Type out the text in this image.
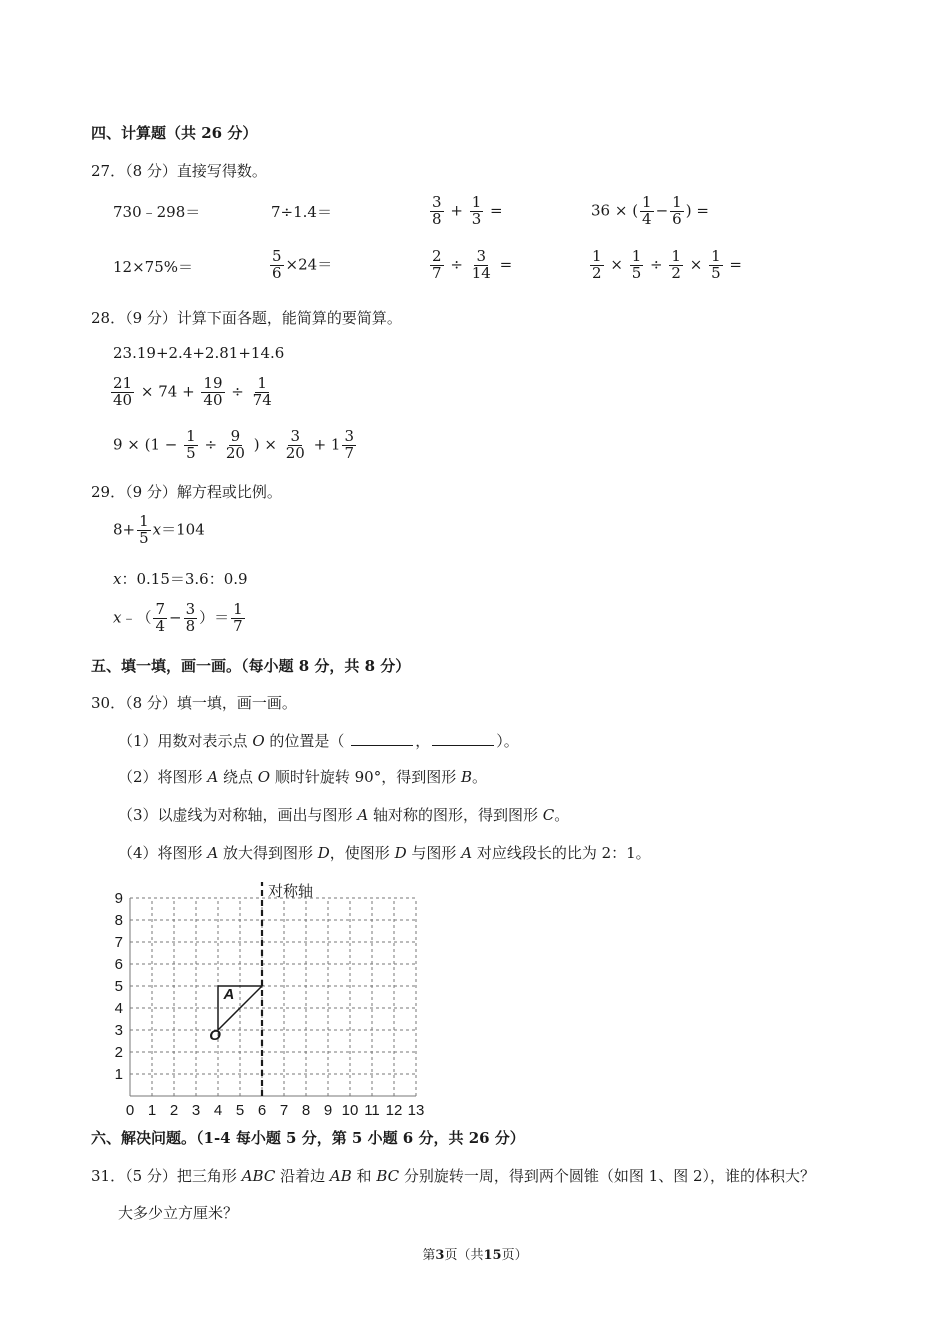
四、计算题（共 26 分）
27．（8 分）直接写得数。
730﹣298＝	7÷1.4＝	$\frac{3}{8} + \frac{1}{3}$ =	36 × ( $\frac{1}{4} - \frac{1}{6}$ ) =
12×75%＝	$\frac{5}{6} \times 24=$	$\frac{2}{7} \div \frac{3}{14}$ =	$\frac{1}{2} \times \frac{1}{5} \div \frac{1}{2} \times \frac{1}{5}$ =
28．（9 分）计算下面各题，能简算的要简算。
23.19+2.4+2.81+14.6
$\frac{21}{40} \times 74 + \frac{19}{40} \div \frac{1}{74}$
$9 \times (1 - \frac{1}{5} \div \frac{9}{20}$ ) × $\frac{3}{20} + 1 \frac{3}{7}$
29．（9 分）解方程或比例。
$8+ \frac{1}{5} x=104$
x：0.15＝3.6：0.9
x﹣（ $\frac{7}{4} - \frac{3}{8}$ ）＝ $\frac{1}{7}$
五、填一填，画一画。（每小题 8 分，共 8 分）
30．（8 分）填一填，画一画。
（1）用数对表示点 O 的位置是（	，	）。
（2）将图形 A 绕点 O 顺时针旋转 90°，得到图形 B。
（3）以虚线为对称轴，画出与图形 A 轴对称的图形，得到图形 C。
（4）将图形 A 放大得到图形 D，使图形 D 与图形 A 对应线段长的比为 2：1。
0 1 2 3 4 5 6 7 8 9 10 11 12 13
1
2
3
4
5
6
7
8
9	对称轴
A
O
六、解决问题。（1-4 每小题 5 分，第 5 小题 6 分，共 26 分）
31．（5 分）把三角形 ABC 沿着边 AB 和 BC 分别旋转一周，得到两个圆锥（如图 1、图 2），谁的体积大？
大多少立方厘米？
第3页（共15页）
